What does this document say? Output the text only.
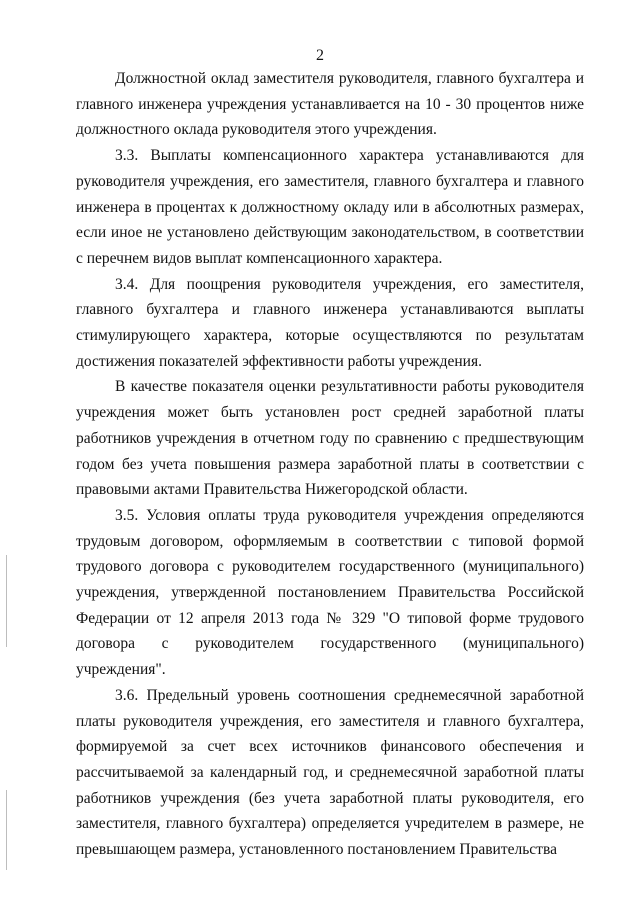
2

Должностной оклад заместителя руководителя, главного бухгалтера и главного инженера учреждения устанавливается на 10 - 30 процентов ниже должностного оклада руководителя этого учреждения.

3.3. Выплаты компенсационного характера устанавливаются для руководителя учреждения, его заместителя, главного бухгалтера и главного инженера в процентах к должностному окладу или в абсолютных размерах, если иное не установлено действующим законодательством, в соответствии с перечнем видов выплат компенсационного характера.

3.4. Для поощрения руководителя учреждения, его заместителя, главного бухгалтера и главного инженера устанавливаются выплаты стимулирующего характера, которые осуществляются по результатам достижения показателей эффективности работы учреждения.

В качестве показателя оценки результативности работы руководителя учреждения может быть установлен рост средней заработной платы работников учреждения в отчетном году по сравнению с предшествующим годом без учета повышения размера заработной платы в соответствии с правовыми актами Правительства Нижегородской области.

3.5. Условия оплаты труда руководителя учреждения определяются трудовым договором, оформляемым в соответствии с типовой формой трудового договора с руководителем государственного (муниципального) учреждения, утвержденной постановлением Правительства Российской Федерации от 12 апреля 2013 года № 329 "О типовой форме трудового договора с руководителем государственного (муниципального) учреждения".

3.6. Предельный уровень соотношения среднемесячной заработной платы руководителя учреждения, его заместителя и главного бухгалтера, формируемой за счет всех источников финансового обеспечения и рассчитываемой за календарный год, и среднемесячной заработной платы работников учреждения (без учета заработной платы руководителя, его заместителя, главного бухгалтера) определяется учредителем в размере, не превышающем размера, установленного постановлением Правительства
